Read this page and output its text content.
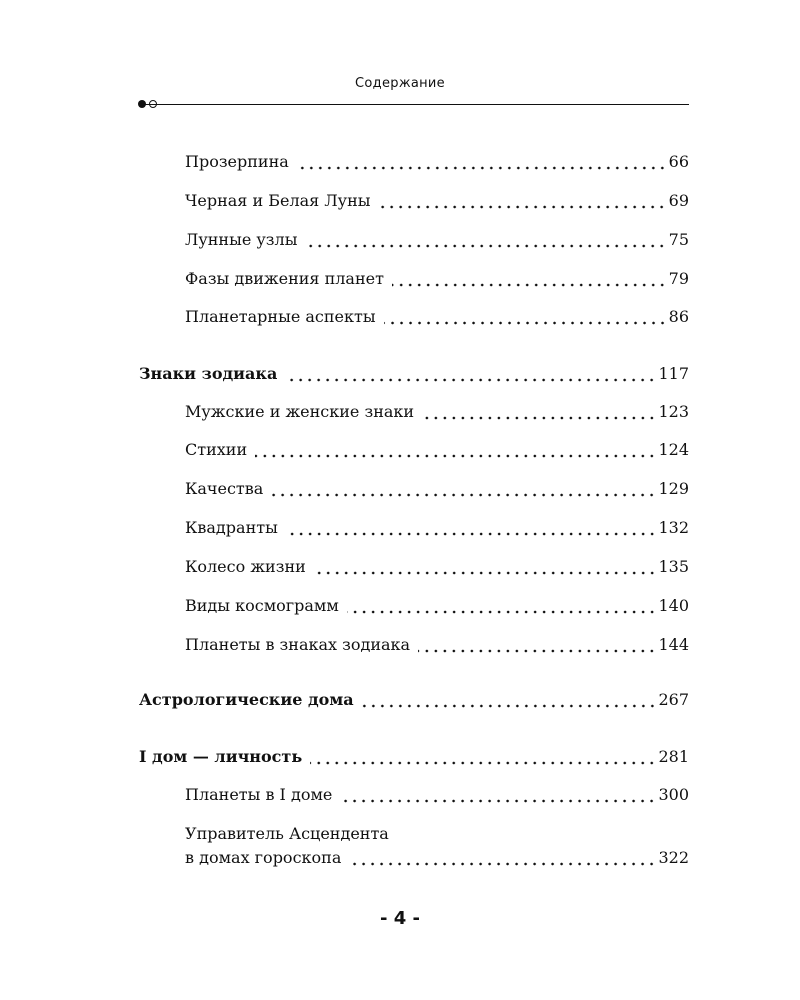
Содержание
Прозерпина	66
Черная и Белая Луны	69
Лунные узлы	75
Фазы движения планет	79
Планетарные аспекты	86
Знаки зодиака	117
Мужские и женские знаки	123
Стихии	124
Качества	129
Квадранты	132
Колесо жизни	135
Виды космограмм	140
Планеты в знаках зодиака	144
Астрологические дома	267
I дом — личность	281
Планеты в I доме	300
Управитель Асцендента
в домах гороскопа	322
- 4 -
